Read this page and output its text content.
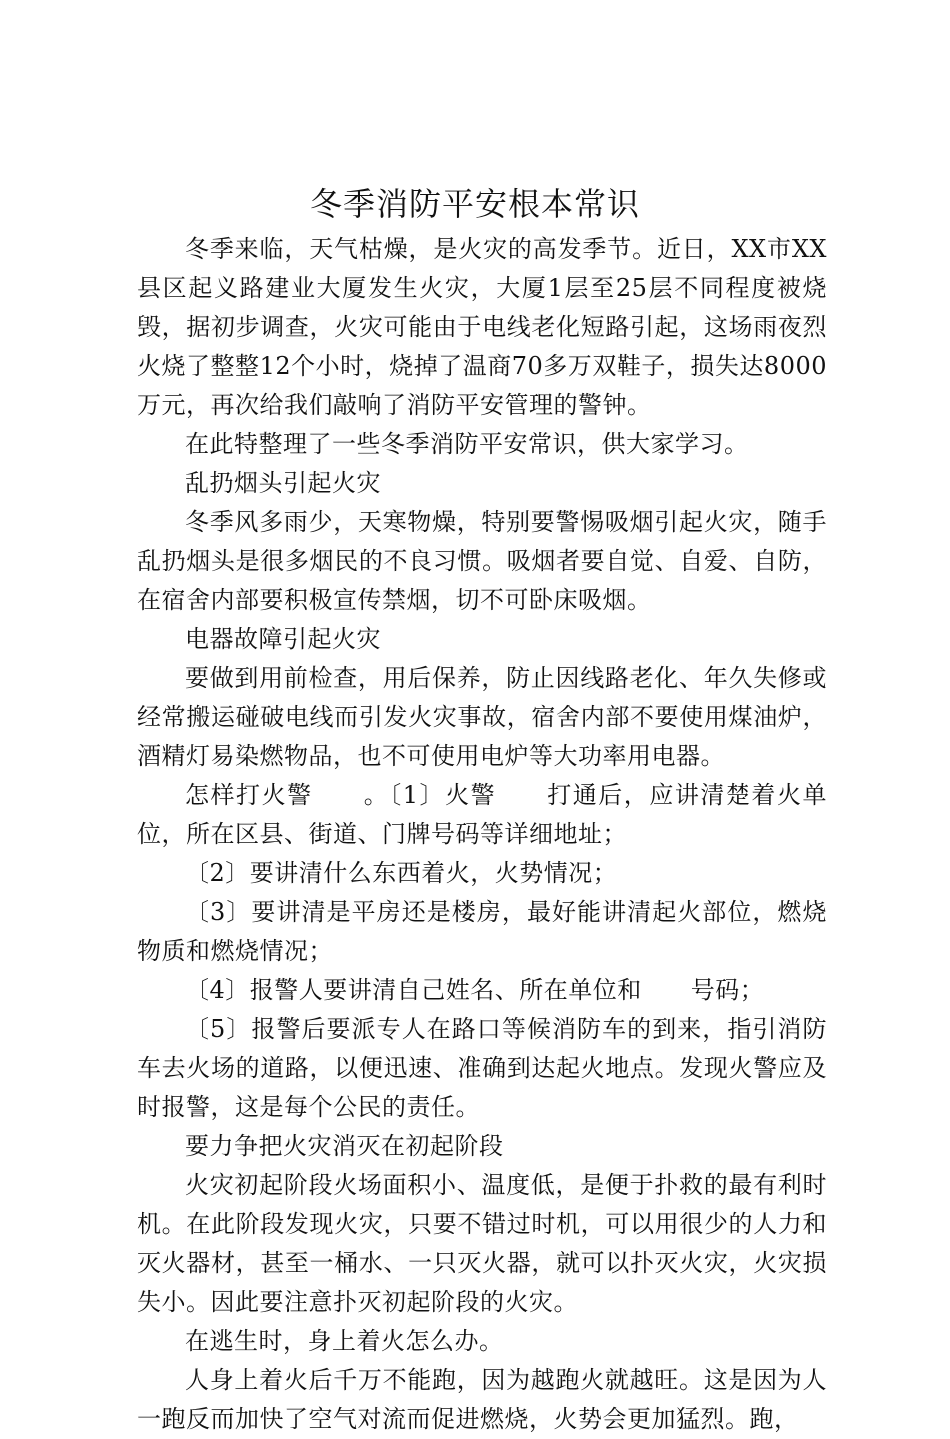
冬季消防平安根本常识

冬季来临，天气枯燥，是火灾的高发季节。近日，XX市XX县区起义路建业大厦发生火灾，大厦1层至25层不同程度被烧毁，据初步调查，火灾可能由于电线老化短路引起，这场雨夜烈火烧了整整12个小时，烧掉了温商70多万双鞋子，损失达8000万元，再次给我们敲响了消防平安管理的警钟。

在此特整理了一些冬季消防平安常识，供大家学习。

乱扔烟头引起火灾

冬季风多雨少，天寒物燥，特别要警惕吸烟引起火灾，随手乱扔烟头是很多烟民的不良习惯。吸烟者要自觉、自爱、自防，在宿舍内部要积极宣传禁烟，切不可卧床吸烟。

电器故障引起火灾

要做到用前检查，用后保养，防止因线路老化、年久失修或经常搬运碰破电线而引发火灾事故，宿舍内部不要使用煤油炉，酒精灯易染燃物品，也不可使用电炉等大功率用电器。

怎样打火警　　。〔1〕火警　　打通后，应讲清楚着火单位，所在区县、街道、门牌号码等详细地址；

〔2〕要讲清什么东西着火，火势情况；

〔3〕要讲清是平房还是楼房，最好能讲清起火部位，燃烧物质和燃烧情况；

〔4〕报警人要讲清自己姓名、所在单位和　　号码；

〔5〕报警后要派专人在路口等候消防车的到来，指引消防车去火场的道路，以便迅速、准确到达起火地点。发现火警应及时报警，这是每个公民的责任。

要力争把火灾消灭在初起阶段

火灾初起阶段火场面积小、温度低，是便于扑救的最有利时机。在此阶段发现火灾，只要不错过时机，可以用很少的人力和灭火器材，甚至一桶水、一只灭火器，就可以扑灭火灾，火灾损失小。因此要注意扑灭初起阶段的火灾。

在逃生时，身上着火怎么办。

人身上着火后千万不能跑，因为越跑火就越旺。这是因为人一跑反而加快了空气对流而促进燃烧，火势会更加猛烈。跑，
